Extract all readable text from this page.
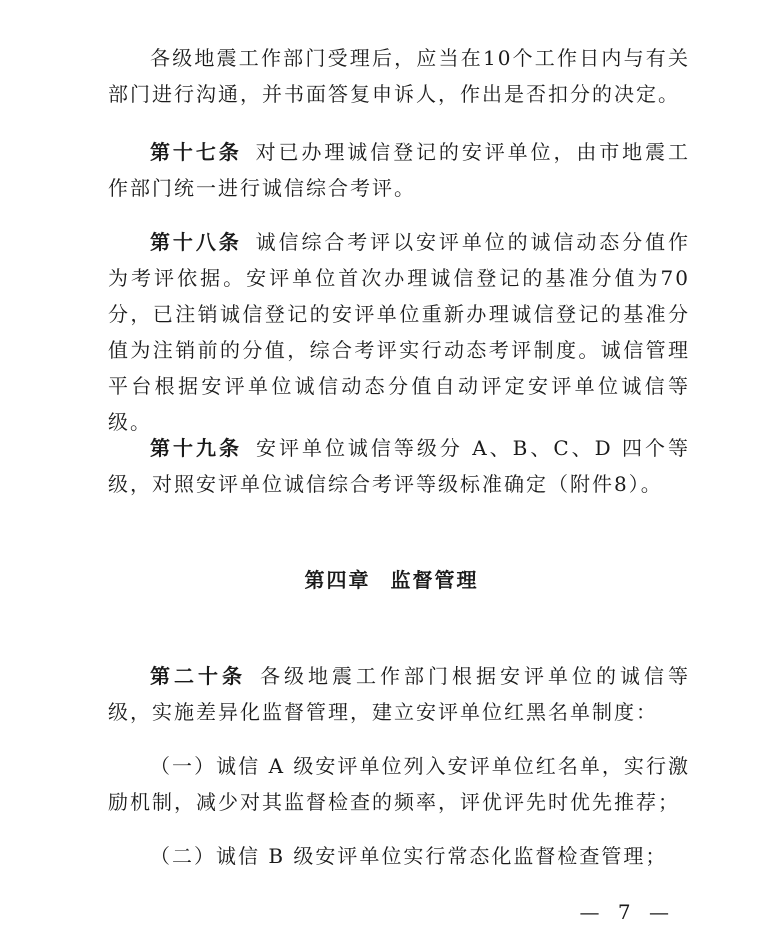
各级地震工作部门受理后，应当在10个工作日内与有关部门进行沟通，并书面答复申诉人，作出是否扣分的决定。

第十七条 对已办理诚信登记的安评单位，由市地震工作部门统一进行诚信综合考评。

第十八条 诚信综合考评以安评单位的诚信动态分值作为考评依据。安评单位首次办理诚信登记的基准分值为70分，已注销诚信登记的安评单位重新办理诚信登记的基准分值为注销前的分值，综合考评实行动态考评制度。诚信管理平台根据安评单位诚信动态分值自动评定安评单位诚信等级。

第十九条 安评单位诚信等级分 A、B、C、D 四个等级，对照安评单位诚信综合考评等级标准确定（附件8）。

第四章 监督管理

第二十条 各级地震工作部门根据安评单位的诚信等级，实施差异化监督管理，建立安评单位红黑名单制度：

（一）诚信 A 级安评单位列入安评单位红名单，实行激励机制，减少对其监督检查的频率，评优评先时优先推荐；

（二）诚信 B 级安评单位实行常态化监督检查管理；

— 7 —
